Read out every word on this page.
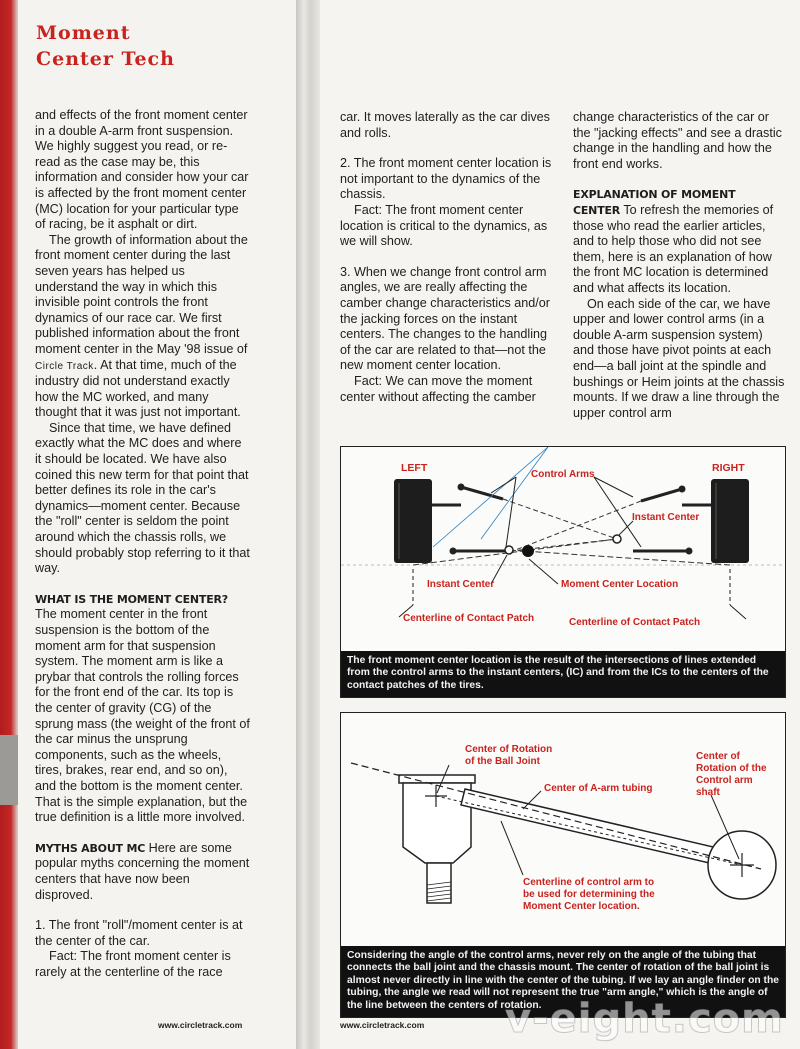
Moment
Center Tech

and effects of the front moment center in a double A-arm front suspension. We highly suggest you read, or re-read as the case may be, this information and consider how your car is affected by the front moment center (MC) location for your particular type of racing, be it asphalt or dirt.

The growth of information about the front moment center during the last seven years has helped us understand the way in which this invisible point controls the front dynamics of our race car. We first published information about the front moment center in the May '98 issue of Circle Track. At that time, much of the industry did not understand exactly how the MC worked, and many thought that it was just not important.

Since that time, we have defined exactly what the MC does and where it should be located. We have also coined this new term for that point that better defines its role in the car's dynamics—moment center. Because the "roll" center is seldom the point around which the chassis rolls, we should probably stop referring to it that way.

WHAT IS THE MOMENT CENTER? The moment center in the front suspension is the bottom of the moment arm for that suspension system. The moment arm is like a prybar that controls the rolling forces for the front end of the car. Its top is the center of gravity (CG) of the sprung mass (the weight of the front of the car minus the unsprung components, such as the wheels, tires, brakes, rear end, and so on), and the bottom is the moment center. That is the simple explanation, but the true definition is a little more involved.

MYTHS ABOUT MC Here are some popular myths concerning the moment centers that have now been disproved.

1. The front "roll"/moment center is at the center of the car.

Fact: The front moment center is rarely at the centerline of the race

car. It moves laterally as the car dives and rolls.

2. The front moment center location is not important to the dynamics of the chassis.

Fact: The front moment center location is critical to the dynamics, as we will show.

3. When we change front control arm angles, we are really affecting the camber change characteristics and/or the jacking forces on the instant centers. The changes to the handling of the car are related to that—not the new moment center location.

Fact: We can move the moment center without affecting the camber

change characteristics of the car or the "jacking effects" and see a drastic change in the handling and how the front end works.

EXPLANATION OF MOMENT CENTER To refresh the memories of those who read the earlier articles, and to help those who did not see them, here is an explanation of how the front MC location is determined and what affects its location.

On each side of the car, we have upper and lower control arms (in a double A-arm suspension system) and those have pivot points at each end—a ball joint at the spindle and bushings or Heim joints at the chassis mounts. If we draw a line through the upper control arm

LEFT	RIGHT
Control Arms
Instant Center
Instant Center	Moment Center Location
Centerline of Contact Patch	Centerline of Contact Patch
The front moment center location is the result of the intersections of lines extended from the control arms to the instant centers, (IC) and from the ICs to the centers of the contact patches of the tires.
Center of Rotation
of the Ball Joint
Center of A-arm tubing
Center of
Rotation of the
Control arm
shaft
Centerline of control arm to
be used for determining the
Moment Center location.
Considering the angle of the control arms, never rely on the angle of the tubing that connects the ball joint and the chassis mount. The center of rotation of the ball joint is almost never directly in line with the center of the tubing. If we lay an angle finder on the tubing, the angle we read will not represent the true "arm angle," which is the angle of the line between the centers of rotation.
www.circletrack.com	www.circletrack.com v-eight.com
